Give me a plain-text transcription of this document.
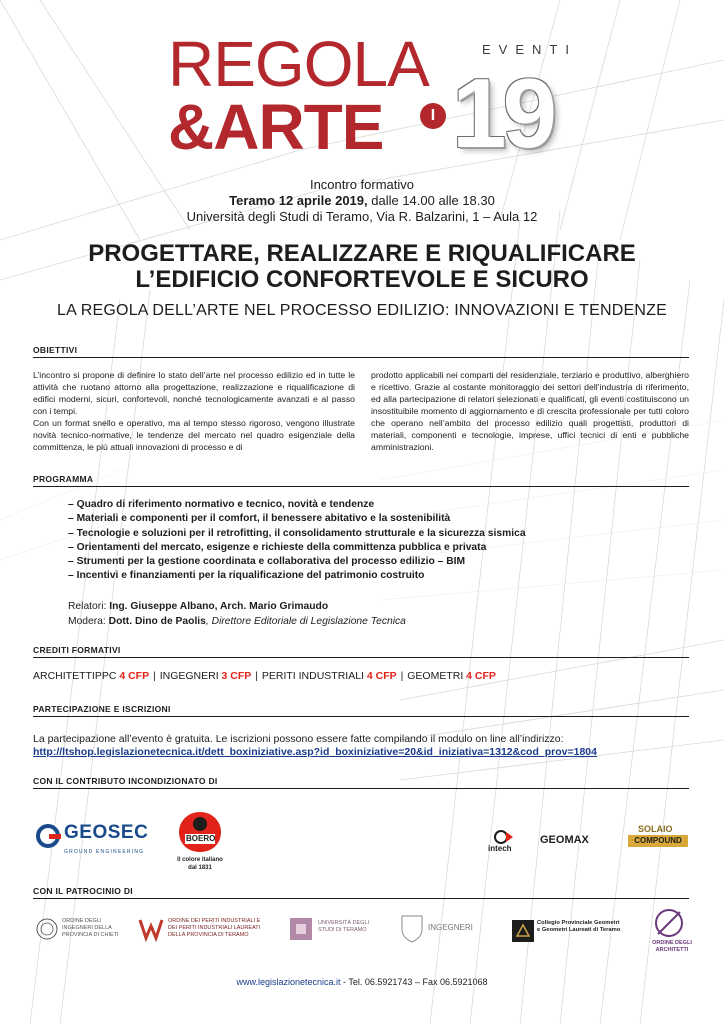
REGOLA
&ARTE	I
EVENTI
19
Incontro formativo
Teramo 12 aprile 2019, dalle 14.00 alle 18.30
Università degli Studi di Teramo, Via R. Balzarini, 1 – Aula 12
PROGETTARE, REALIZZARE E RIQUALIFICARE
L’EDIFICIO CONFORTEVOLE E SICURO
LA REGOLA DELL’ARTE NEL PROCESSO EDILIZIO: INNOVAZIONI E TENDENZE
OBIETTIVI

L’incontro si propone di definire lo stato dell’arte nel processo edilizio ed in tutte le attività che ruotano attorno alla progettazione, realizzazione e riqualificazione di edifici moderni, sicuri, confortevoli, nonché tecnologicamente avanzati e al passo con i tempi.

Con un format snello e operativo, ma al tempo stesso rigoroso, vengono illustrate novità tecnico-normative, le tendenze del mercato nel quadro esigenziale della committenza, le più attuali innovazioni di processo e di

prodotto applicabili nei comparti del residenziale, terziario e produttivo, alberghiero e ricettivo. Grazie al costante monitoraggio dei settori dell’industria di riferimento, ed alla partecipazione di relatori selezionati e qualificati, gli eventi costituiscono un insostituibile momento di aggiornamento e di crescita professionale per tutti coloro che operano nell’ambito del processo edilizio quali progettisti, produttori di materiali, componenti e tecnologie, imprese, uffici tecnici di enti e pubbliche amministrazioni.

PROGRAMMA
– Quadro di riferimento normativo e tecnico, novità e tendenze
– Materiali e componenti per il comfort, il benessere abitativo e la sostenibilità
– Tecnologie e soluzioni per il retrofitting, il consolidamento strutturale e la sicurezza sismica
– Orientamenti del mercato, esigenze e richieste della committenza pubblica e privata
– Strumenti per la gestione coordinata e collaborativa del processo edilizio – BIM
– Incentivi e finanziamenti per la riqualificazione del patrimonio costruito
Relatori: Ing. Giuseppe Albano, Arch. Mario Grimaudo
Modera: Dott. Dino de Paolis, Direttore Editoriale di Legislazione Tecnica
CREDITI FORMATIVI
ARCHITETTIPPC 4 CFP | INGEGNERI 3 CFP | PERITI INDUSTRIALI 4 CFP | GEOMETRI 4 CFP
PARTECIPAZIONE E ISCRIZIONI
La partecipazione all’evento è gratuita. Le iscrizioni possono essere fatte compilando il modulo on line all’indirizzo:
http://ltshop.legislazionetecnica.it/dett_boxiniziative.asp?id_boxiniziative=20&id_iniziativa=1312&cod_prov=1804
CON IL CONTRIBUTO INCONDIZIONATO DI
GEOSEC
GROUND ENGINEERING
BOERO
Il colore italiano
dal 1831
intech
GEOMAX
SOLAIO
COMPOUND
CON IL PATROCINIO DI
ORDINE DEGLI INGEGNERI DELLA PROVINCIA DI CHIETI
ORDINE DEI PERITI INDUSTRIALI E DEI PERITI INDUSTRIALI LAUREATI DELLA PROVINCIA DI TERAMO
UNIVERSITÀ DEGLI STUDI DI TERAMO	INGEGNERI	Collegio Provinciale Geometri e Geometri Laureati di Teramo
ORDINE DEGLI ARCHITETTI
www.legislazionetecnica.it - Tel. 06.5921743 – Fax 06.5921068
